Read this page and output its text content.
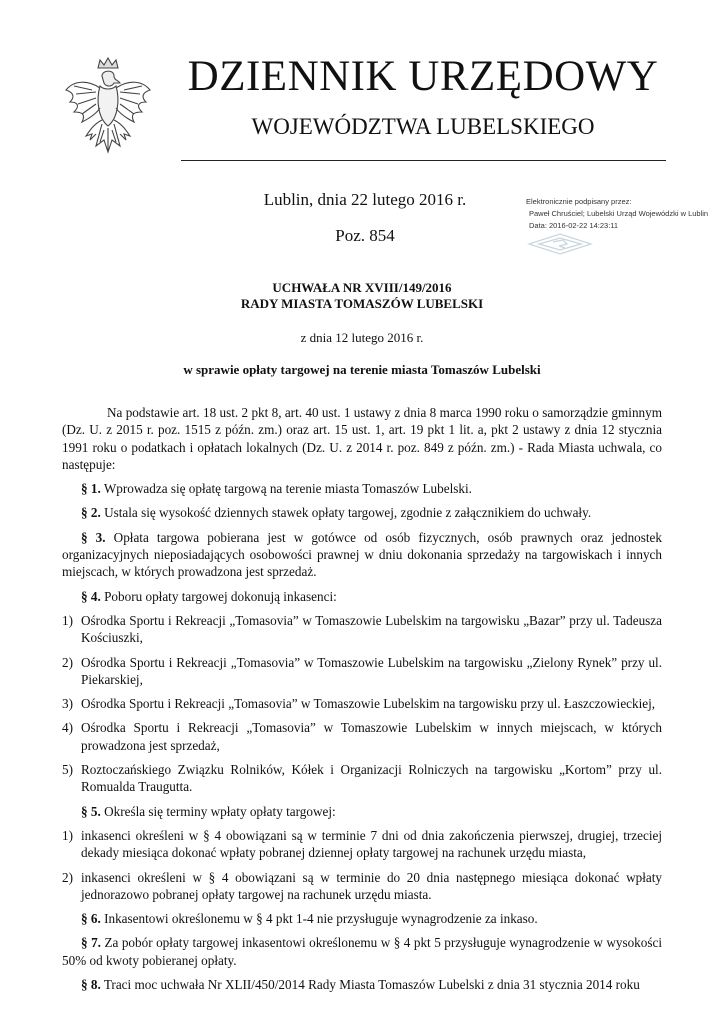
DZIENNIK URZĘDOWY
WOJEWÓDZTWA LUBELSKIEGO
Lublin, dnia 22 lutego 2016 r.
Poz. 854
Elektronicznie podpisany przez:
Paweł Chruściel; Lubelski Urząd Wojewódzki w Lublin
Data: 2016-02-22 14:23:11
UCHWAŁA NR XVIII/149/2016
RADY MIASTA TOMASZÓW LUBELSKI
z dnia 12 lutego 2016 r.
w sprawie opłaty targowej na terenie miasta Tomaszów Lubelski

Na podstawie art. 18 ust. 2 pkt 8, art. 40 ust. 1 ustawy z dnia 8 marca 1990 roku o samorządzie gminnym (Dz. U. z 2015 r. poz. 1515 z późn. zm.) oraz art. 15 ust. 1, art. 19 pkt 1 lit. a, pkt 2 ustawy z dnia 12 stycznia 1991 roku o podatkach i opłatach lokalnych (Dz. U. z 2014 r. poz. 849 z późn. zm.) - Rada Miasta uchwala, co następuje:

§ 1. Wprowadza się opłatę targową na terenie miasta Tomaszów Lubelski.

§ 2. Ustala się wysokość dziennych stawek opłaty targowej, zgodnie z załącznikiem do uchwały.

§ 3. Opłata targowa pobierana jest w gotówce od osób fizycznych, osób prawnych oraz jednostek organizacyjnych nieposiadających osobowości prawnej w dniu dokonania sprzedaży na targowiskach i innych miejscach, w których prowadzona jest sprzedaż.

§ 4. Poboru opłaty targowej dokonują inkasenci:

1) Ośrodka Sportu i Rekreacji „Tomasovia” w Tomaszowie Lubelskim na targowisku „Bazar” przy ul. Tadeusza Kościuszki,
2) Ośrodka Sportu i Rekreacji „Tomasovia” w Tomaszowie Lubelskim na targowisku „Zielony Rynek” przy ul. Piekarskiej,
3) Ośrodka Sportu i Rekreacji „Tomasovia” w Tomaszowie Lubelskim na targowisku przy ul. Łaszczowieckiej,
4) Ośrodka Sportu i Rekreacji „Tomasovia” w Tomaszowie Lubelskim w innych miejscach, w których prowadzona jest sprzedaż,
5) Roztoczańskiego Związku Rolników, Kółek i Organizacji Rolniczych na targowisku „Kortom” przy ul. Romualda Traugutta.

§ 5. Określa się terminy wpłaty opłaty targowej:

1) inkasenci określeni w § 4 obowiązani są w terminie 7 dni od dnia zakończenia pierwszej, drugiej, trzeciej dekady miesiąca dokonać wpłaty pobranej dziennej opłaty targowej na rachunek urzędu miasta,
2) inkasenci określeni w § 4 obowiązani są w terminie do 20 dnia następnego miesiąca dokonać wpłaty jednorazowo pobranej opłaty targowej na rachunek urzędu miasta.

§ 6. Inkasentowi określonemu w § 4 pkt 1-4 nie przysługuje wynagrodzenie za inkaso.

§ 7. Za pobór opłaty targowej inkasentowi określonemu w § 4 pkt 5 przysługuje wynagrodzenie w wysokości 50% od kwoty pobieranej opłaty.

§ 8. Traci moc uchwała Nr XLII/450/2014 Rady Miasta Tomaszów Lubelski z dnia 31 stycznia 2014 roku
